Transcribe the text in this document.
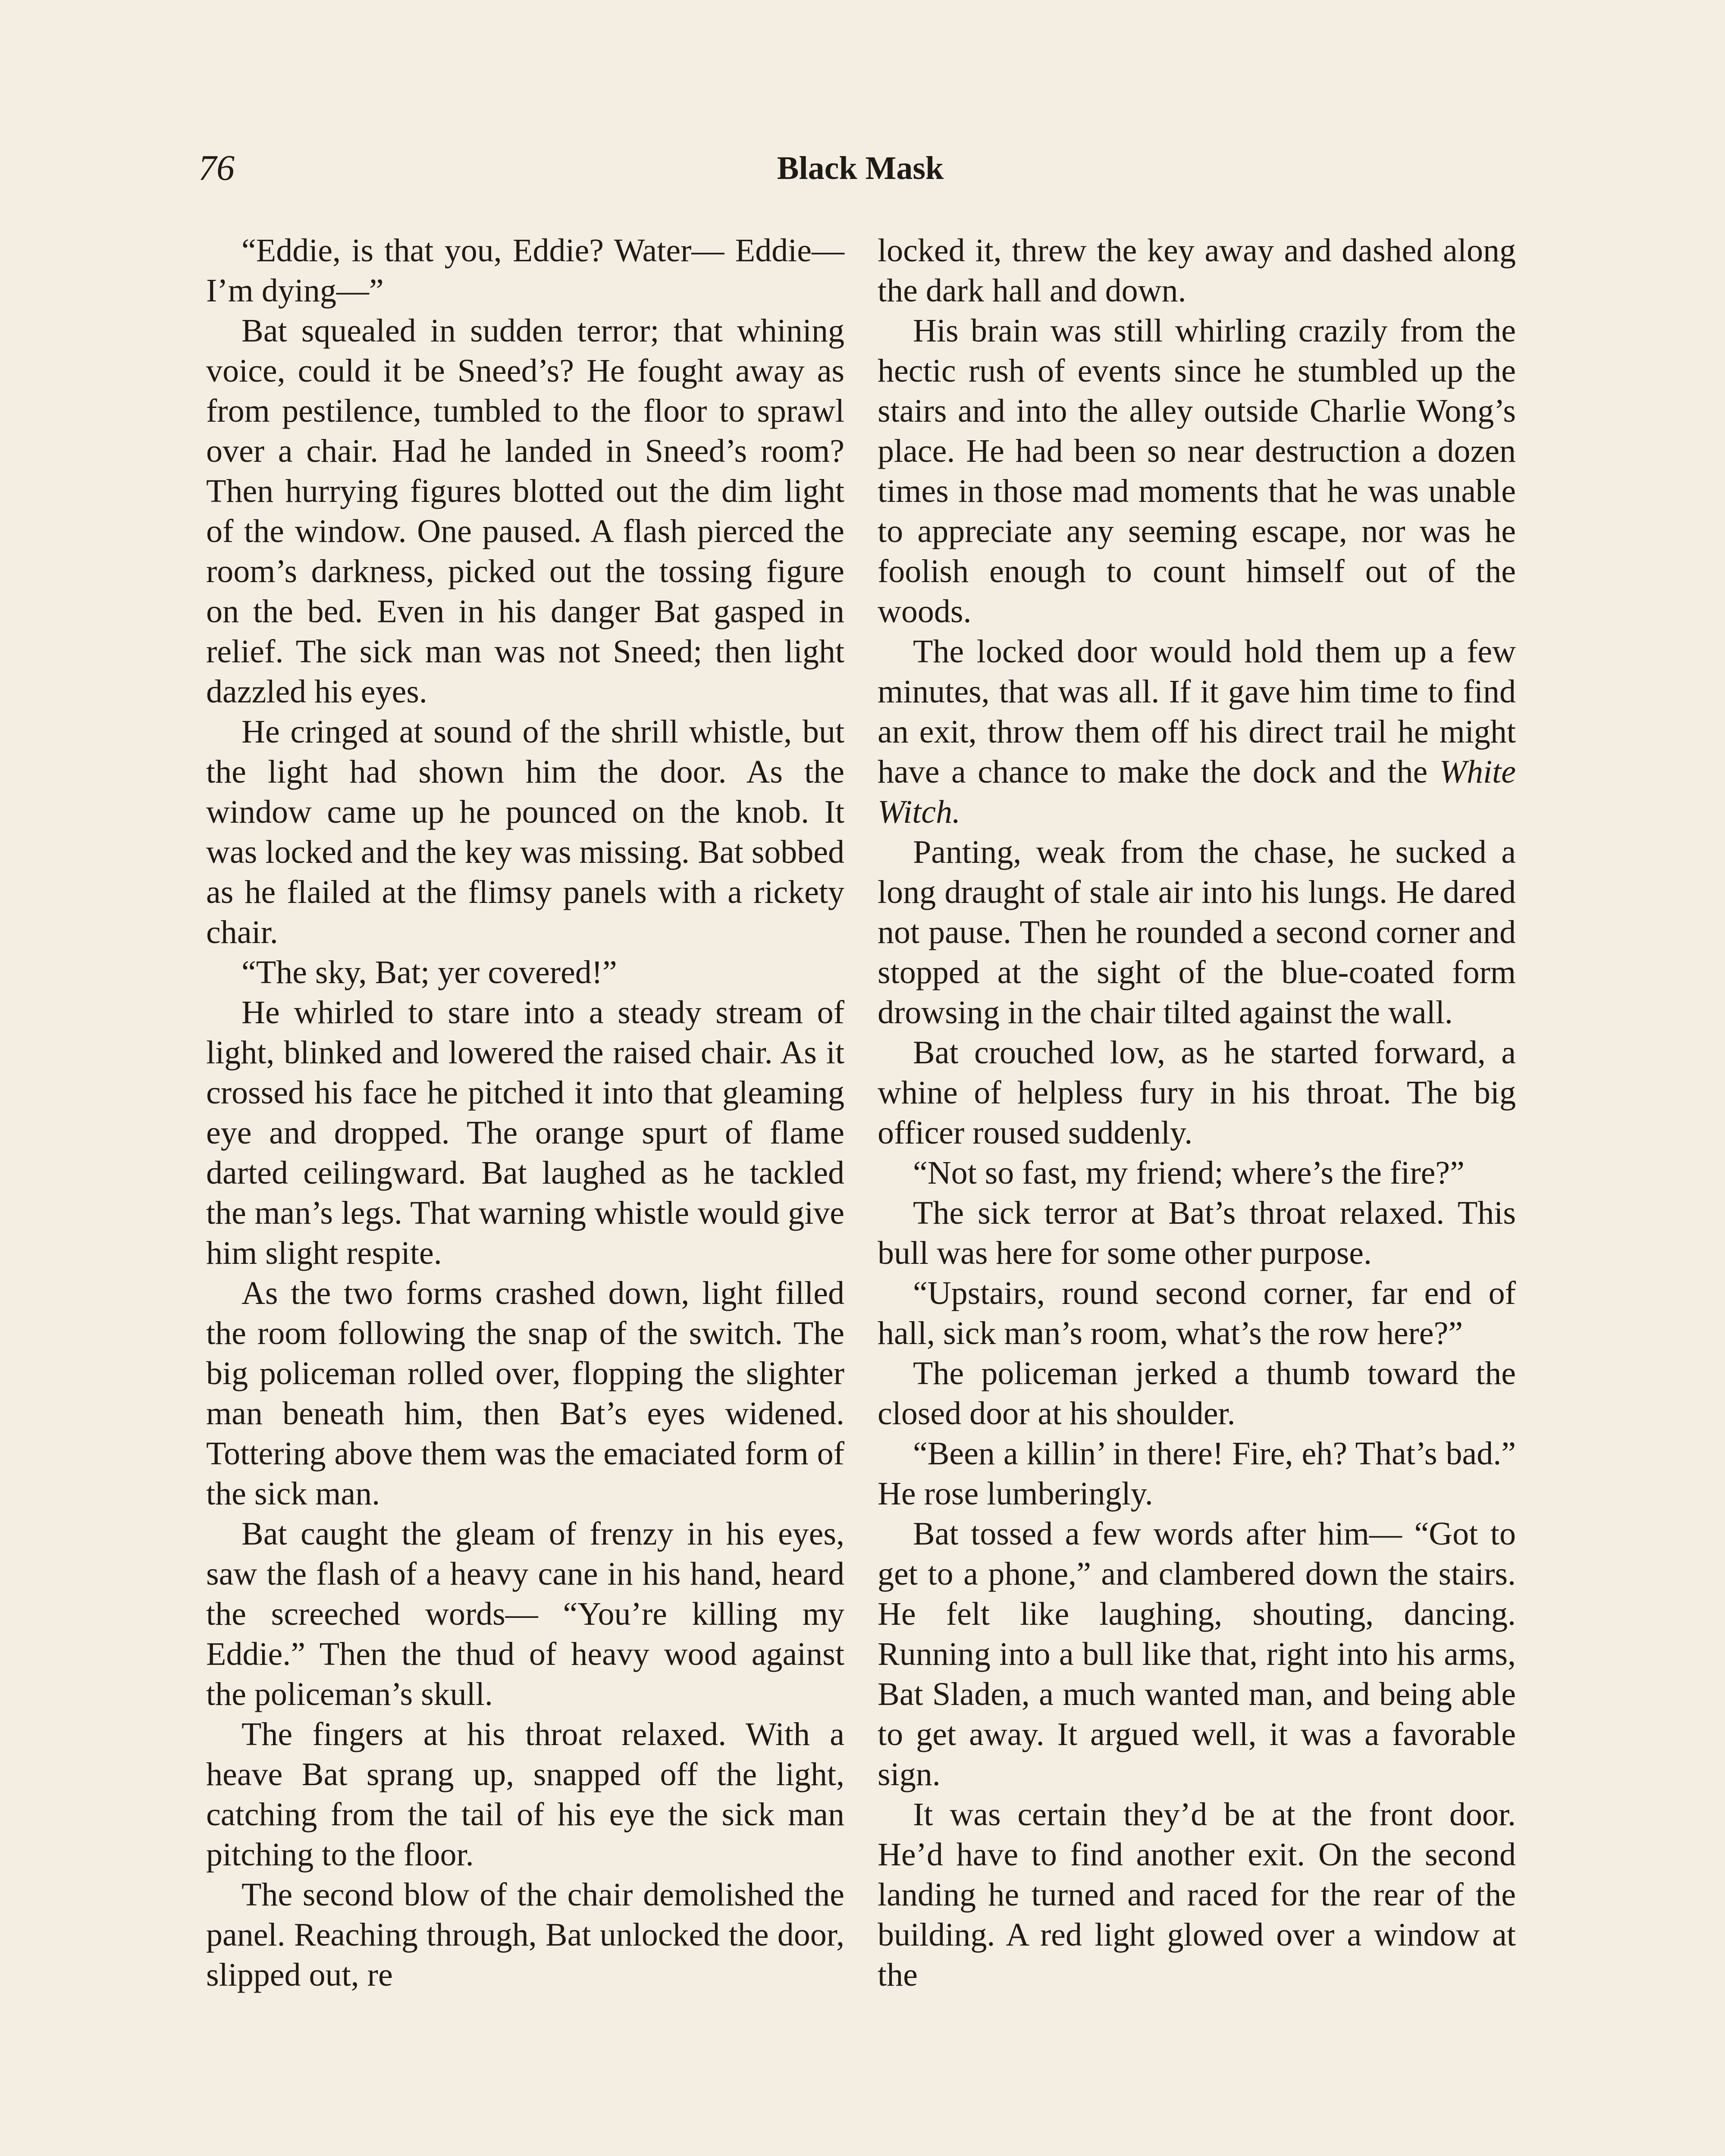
76	Black Mask

“Eddie, is that you, Eddie? Water— Eddie—I’m dying—”

Bat squealed in sudden terror; that whining voice, could it be Sneed’s? He fought away as from pestilence, tumbled to the floor to sprawl over a chair. Had he landed in Sneed’s room? Then hurrying figures blotted out the dim light of the window. One paused. A flash pierced the room’s darkness, picked out the tossing figure on the bed. Even in his danger Bat gasped in relief. The sick man was not Sneed; then light dazzled his eyes.

He cringed at sound of the shrill whistle, but the light had shown him the door. As the window came up he pounced on the knob. It was locked and the key was missing. Bat sobbed as he flailed at the flimsy panels with a rickety chair.

“The sky, Bat; yer covered!”

He whirled to stare into a steady stream of light, blinked and lowered the raised chair. As it crossed his face he pitched it into that gleaming eye and dropped. The orange spurt of flame darted ceilingward. Bat laughed as he tackled the man’s legs. That warning whistle would give him slight respite.

As the two forms crashed down, light filled the room following the snap of the switch. The big policeman rolled over, flopping the slighter man beneath him, then Bat’s eyes widened. Tottering above them was the emaciated form of the sick man.

Bat caught the gleam of frenzy in his eyes, saw the flash of a heavy cane in his hand, heard the screeched words— “You’re killing my Eddie.” Then the thud of heavy wood against the policeman’s skull.

The fingers at his throat relaxed. With a heave Bat sprang up, snapped off the light, catching from the tail of his eye the sick man pitching to the floor.

The second blow of the chair demolished the panel. Reaching through, Bat unlocked the door, slipped out, re

locked it, threw the key away and dashed along the dark hall and down.

His brain was still whirling crazily from the hectic rush of events since he stumbled up the stairs and into the alley outside Charlie Wong’s place. He had been so near destruction a dozen times in those mad moments that he was unable to appreciate any seeming escape, nor was he foolish enough to count himself out of the woods.

The locked door would hold them up a few minutes, that was all. If it gave him time to find an exit, throw them off his direct trail he might have a chance to make the dock and the White Witch.

Panting, weak from the chase, he sucked a long draught of stale air into his lungs. He dared not pause. Then he rounded a second corner and stopped at the sight of the blue-coated form drowsing in the chair tilted against the wall.

Bat crouched low, as he started forward, a whine of helpless fury in his throat. The big officer roused suddenly.

“Not so fast, my friend; where’s the fire?”

The sick terror at Bat’s throat relaxed. This bull was here for some other purpose.

“Upstairs, round second corner, far end of hall, sick man’s room, what’s the row here?”

The policeman jerked a thumb toward the closed door at his shoulder.

“Been a killin’ in there! Fire, eh? That’s bad.” He rose lumberingly.

Bat tossed a few words after him— “Got to get to a phone,” and clambered down the stairs. He felt like laughing, shouting, dancing. Running into a bull like that, right into his arms, Bat Sladen, a much wanted man, and being able to get away. It argued well, it was a favorable sign.

It was certain they’d be at the front door. He’d have to find another exit. On the second landing he turned and raced for the rear of the building. A red light glowed over a window at the
